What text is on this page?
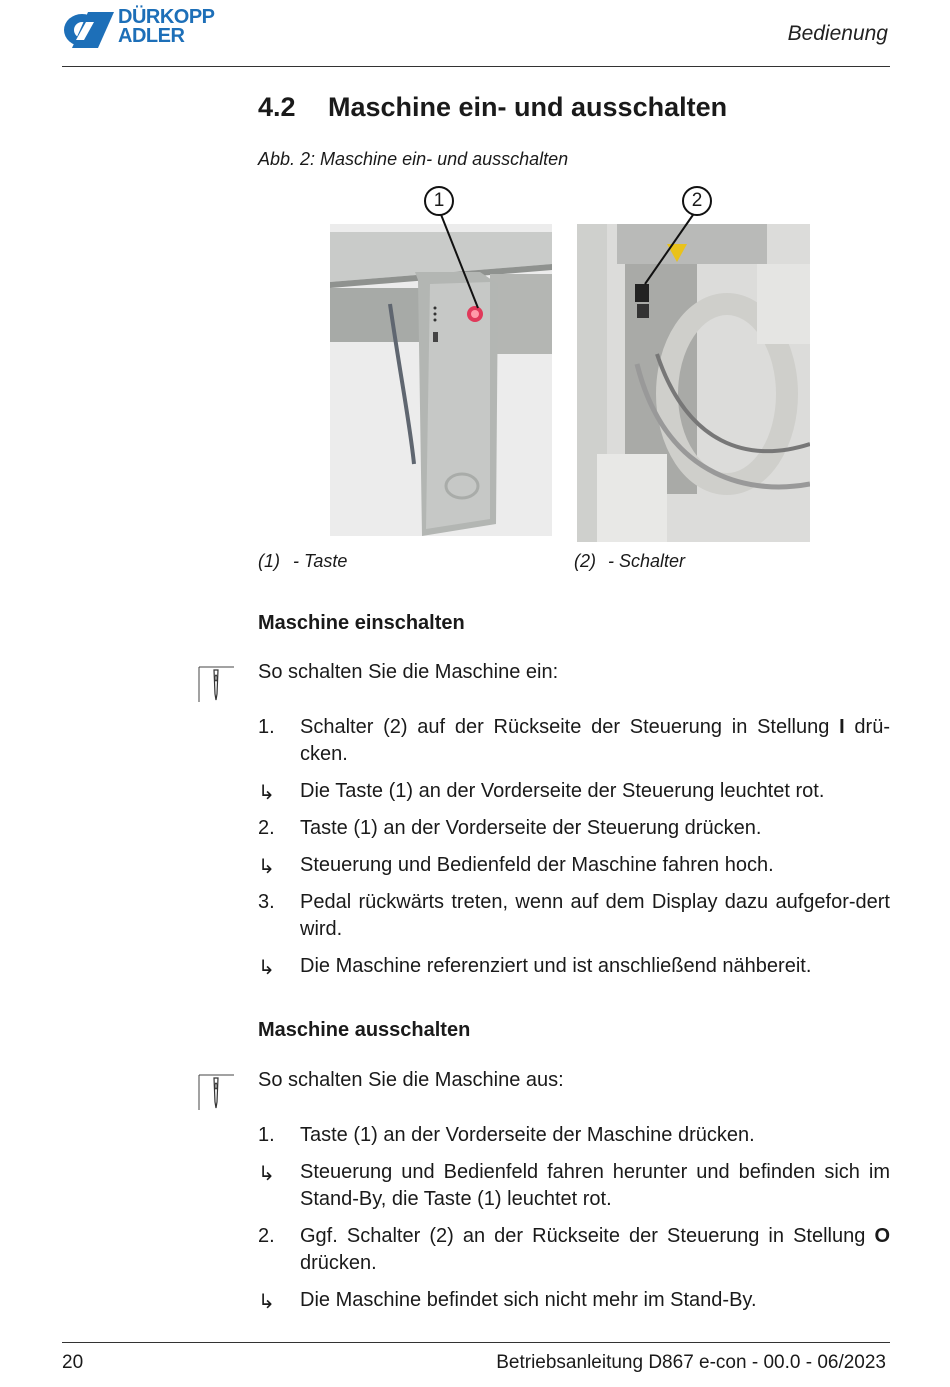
DÜRKOPP
ADLER	Bedienung
4.2 Maschine ein- und ausschalten
Abb. 2: Maschine ein- und ausschalten
1	2
(1) - Taste	(2) - Schalter
Maschine einschalten
So schalten Sie die Maschine ein:
1.	Schalter (2) auf der Rückseite der Steuerung in Stellung I drü-cken.
↳	Die Taste (1) an der Vorderseite der Steuerung leuchtet rot.
2.	Taste (1) an der Vorderseite der Steuerung drücken.
↳	Steuerung und Bedienfeld der Maschine fahren hoch.
3.	Pedal rückwärts treten, wenn auf dem Display dazu aufgefor-dert wird.
↳	Die Maschine referenziert und ist anschließend nähbereit.
Maschine ausschalten
So schalten Sie die Maschine aus:
1.	Taste (1) an der Vorderseite der Maschine drücken.
↳	Steuerung und Bedienfeld fahren herunter und befinden sich im Stand-By, die Taste (1) leuchtet rot.
2.	Ggf. Schalter (2) an der Rückseite der Steuerung in Stellung O drücken.
↳	Die Maschine befindet sich nicht mehr im Stand-By.
20	Betriebsanleitung D867 e-con - 00.0 - 06/2023
